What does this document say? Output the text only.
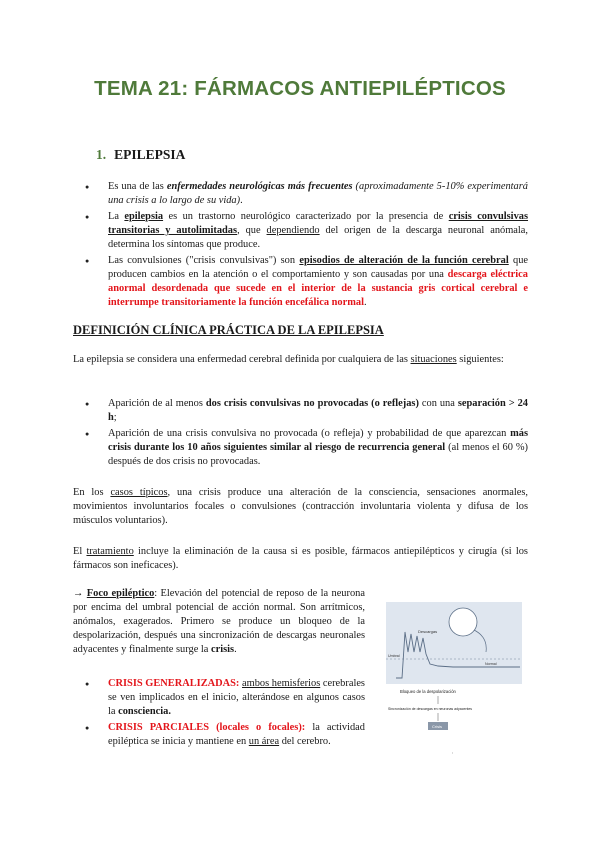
TEMA 21: FÁRMACOS ANTIEPILÉPTICOS
1. EPILEPSIA
● Es una de las enfermedades neurológicas más frecuentes (aproximadamente 5-10% experimentará una crisis a lo largo de su vida).
● La epilepsia es un trastorno neurológico caracterizado por la presencia de crisis convulsivas transitorias y autolimitadas, que dependiendo del origen de la descarga neuronal anómala, determina los síntomas que produce.
● Las convulsiones ("crisis convulsivas") son episodios de alteración de la función cerebral que producen cambios en la atención o el comportamiento y son causadas por una descarga eléctrica anormal desordenada que sucede en el interior de la sustancia gris cortical cerebral e interrumpe transitoriamente la función encefálica normal.
DEFINICIÓN CLÍNICA PRÁCTICA DE LA EPILEPSIA
La epilepsia se considera una enfermedad cerebral definida por cualquiera de las situaciones siguientes:
● Aparición de al menos dos crisis convulsivas no provocadas (o reflejas) con una separación > 24 h;
● Aparición de una crisis convulsiva no provocada (o refleja) y probabilidad de que aparezcan más crisis durante los 10 años siguientes similar al riesgo de recurrencia general (al menos el 60 %) después de dos crisis no provocadas.
En los casos típicos, una crisis produce una alteración de la consciencia, sensaciones anormales, movimientos involuntarios focales o convulsiones (contracción involuntaria violenta y difusa de los músculos voluntarios).
El tratamiento incluye la eliminación de la causa si es posible, fármacos antiepilépticos y cirugía (si los fármacos son ineficaces).
→ Foco epiléptico: Elevación del potencial de reposo de la neurona por encima del umbral potencial de acción normal. Son arrítmicos, anómalos, exagerados. Primero se produce un bloqueo de la despolarización, después una sincronización de descargas neuronales adyacentes y finalmente surge la crisis.
● CRISIS GENERALIZADAS: ambos hemisferios cerebrales se ven implicados en el inicio, alterándose en algunos casos la consciencia.
● CRISIS PARCIALES (locales o focales): la actividad epiléptica se inicia y mantiene en un área del cerebro.
Descargas
Umbral
Normal
Bloqueo de la despolarización
Sincronización de descargas en neuronas adyacentes
Crisis
'
